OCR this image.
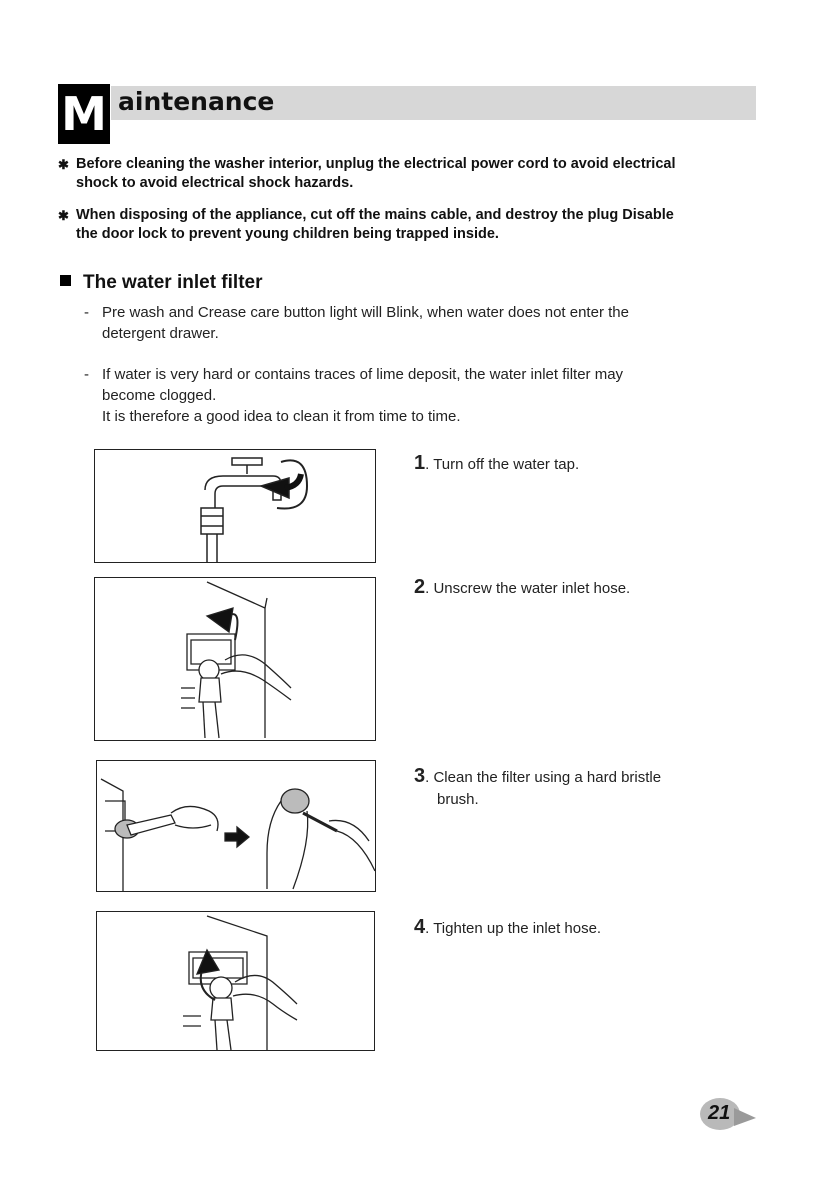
M aintenance
✱ Before cleaning the washer interior, unplug the electrical power cord to avoid electrical
shock to avoid electrical shock hazards.
✱ When disposing of the appliance, cut off the mains cable, and destroy the plug Disable
the door lock to prevent young children being trapped inside.
The water inlet filter
- Pre wash and Crease care button light will Blink, when water does not enter the
detergent drawer.
- If water is very hard or contains traces of lime deposit, the water inlet filter may
become clogged.
It is therefore a good idea to clean it from time to time.
1. Turn off the water tap.
2. Unscrew the water inlet hose.
3. Clean the filter using a hard bristle
brush.
4. Tighten up the inlet hose.
21
